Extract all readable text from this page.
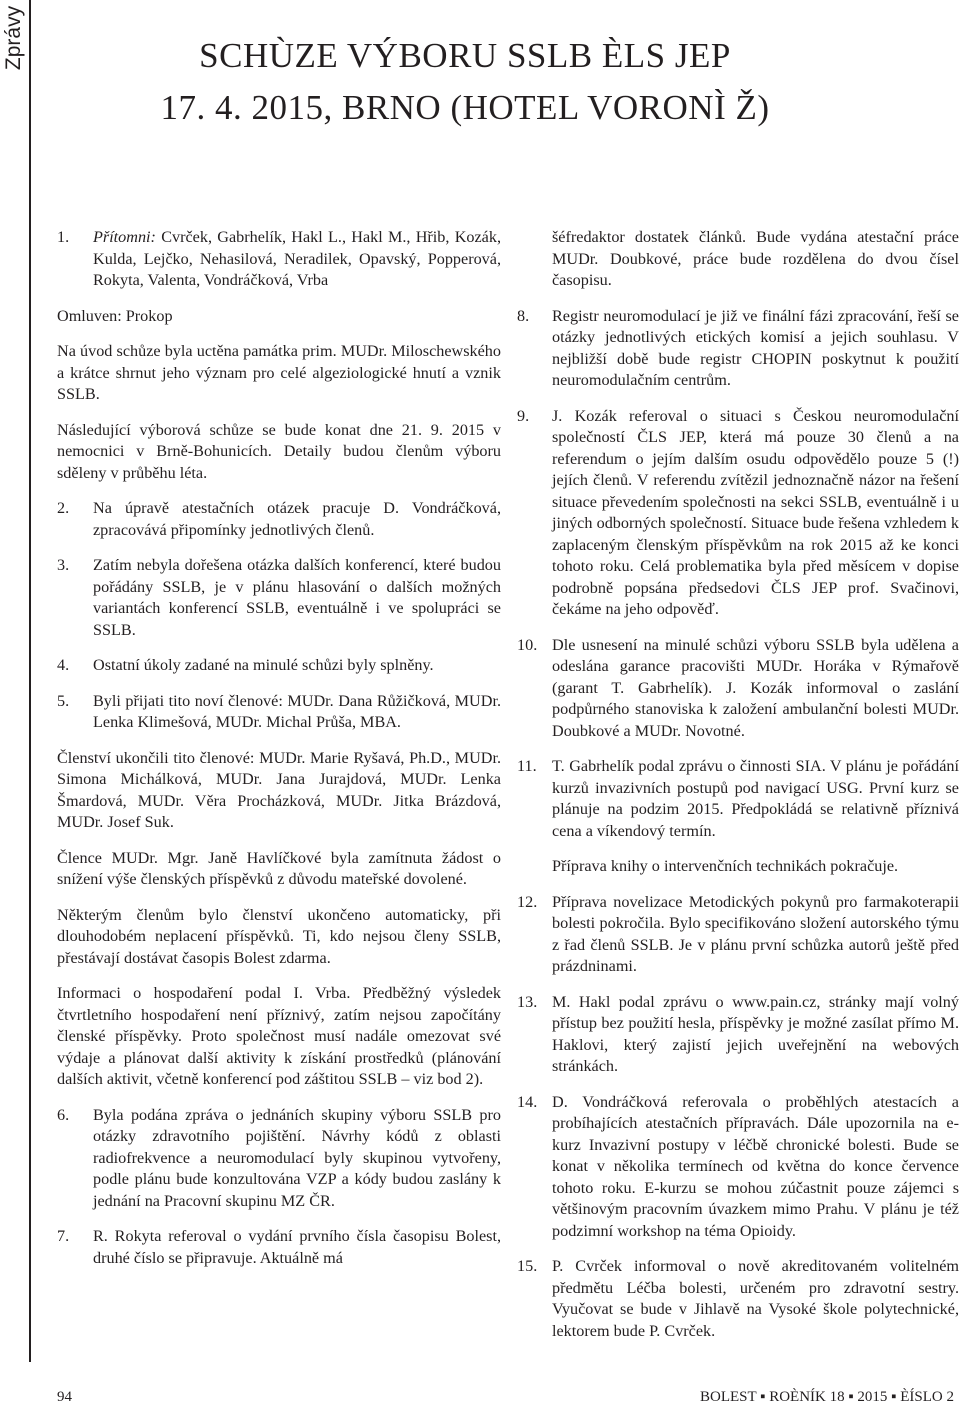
Zprávy	SCHÙZE VÝBORU SSLB ÈLS JEP
17. 4. 2015, BRNO (HOTEL VORONÌ Ž)
1.	Přítomni: Cvrček, Gabrhelík, Hakl L., Hakl M., Hřib, Kozák, Kulda, Lejčko, Nehasilová, Neradilek, Opavský, Popperová, Rokyta, Valenta, Vondráčková, Vrba

Omluven: Prokop

Na úvod schůze byla uctěna památka prim. MUDr. Miloschewského a krátce shrnut jeho význam pro celé algeziologické hnutí a vznik SSLB.

Následující výborová schůze se bude konat dne 21. 9. 2015 v nemocnici v Brně-Bohunicích. Detaily budou členům výboru sděleny v průběhu léta.

2.	Na úpravě atestačních otázek pracuje D. Vondráčková, zpracovává připomínky jednotlivých členů.
3.	Zatím nebyla dořešena otázka dalších konferencí, které budou pořádány SSLB, je v plánu hlasování o dalších možných variantách konferencí SSLB, eventuálně i ve spolupráci se SSLB.
4.	Ostatní úkoly zadané na minulé schůzi byly splněny.
5.	Byli přijati tito noví členové: MUDr. Dana Růžičková, MUDr. Lenka Klimešová, MUDr. Michal Průša, MBA.

Členství ukončili tito členové: MUDr. Marie Ryšavá, Ph.D., MUDr. Simona Michálková, MUDr. Jana Jurajdová, MUDr. Lenka Šmardová, MUDr. Věra Procházková, MUDr. Jitka Brázdová, MUDr. Josef Suk.

Člence MUDr. Mgr. Janě Havlíčkové byla zamítnuta žádost o snížení výše členských příspěvků z důvodu mateřské dovolené.

Některým členům bylo členství ukončeno automaticky, při dlouhodobém neplacení příspěvků. Ti, kdo nejsou členy SSLB, přestávají dostávat časopis Bolest zdarma.

Informaci o hospodaření podal I. Vrba. Předběžný výsledek čtvrtletního hospodaření není příznivý, zatím nejsou započítány členské příspěvky. Proto společnost musí nadále omezovat své výdaje a plánovat další aktivity k získání prostředků (plánování dalších aktivit, včetně konferencí pod záštitou SSLB – viz bod 2).

6.	Byla podána zpráva o jednáních skupiny výboru SSLB pro otázky zdravotního pojištění. Návrhy kódů z oblasti radiofrekvence a neuromodulací byly skupinou vytvořeny, podle plánu bude konzultována VZP a kódy budou zaslány k jednání na Pracovní skupinu MZ ČR.
7.	R. Rokyta referoval o vydání prvního čísla časopisu Bolest, druhé číslo se připravuje. Aktuálně má

šéfredaktor dostatek článků. Bude vydána atestační práce MUDr. Doubkové, práce bude rozdělena do dvou čísel časopisu.

8.	Registr neuromodulací je již ve finální fázi zpracování, řeší se otázky jednotlivých etických komisí a jejich souhlasu. V nejbližší době bude registr CHOPIN poskytnut k použití neuromodulačním centrům.
9.	J. Kozák referoval o situaci s Českou neuromodulační společností ČLS JEP, která má pouze 30 členů a na referendum o jejím dalším osudu odpovědělo pouze 5 (!) jejích členů. V referendu zvítězil jednoznačně názor na řešení situace převedením společnosti na sekci SSLB, eventuálně i u jiných odborných společností. Situace bude řešena vzhledem k zaplaceným členským příspěvkům na rok 2015 až ke konci tohoto roku. Celá problematika byla před měsícem v dopise podrobně popsána předsedovi ČLS JEP prof. Svačinovi, čekáme na jeho odpověď.
10. Dle usnesení na minulé schůzi výboru SSLB byla udělena a odeslána garance pracovišti MUDr. Horáka v Rýmařově (garant T. Gabrhelík). J. Kozák informoval o zaslání podpůrného stanoviska k založení ambulanční bolesti MUDr. Doubkové a MUDr. Novotné.
11. T. Gabrhelík podal zprávu o činnosti SIA. V plánu je pořádání kurzů invazivních postupů pod navigací USG. První kurz se plánuje na podzim 2015. Předpokládá se relativně příznivá cena a víkendový termín.

Příprava knihy o intervenčních technikách pokračuje.

12. Příprava novelizace Metodických pokynů pro farmakoterapii bolesti pokročila. Bylo specifikováno složení autorského týmu z řad členů SSLB. Je v plánu první schůzka autorů ještě před prázdninami.
13. M. Hakl podal zprávu o www.pain.cz, stránky mají volný přístup bez použití hesla, příspěvky je možné zasílat přímo M. Haklovi, který zajistí jejich uveřejnění na webových stránkách.
14. D. Vondráčková referovala o proběhlých atestacích a probíhajících atestačních přípravách. Dále upozornila na e-kurz Invazivní postupy v léčbě chronické bolesti. Bude se konat v několika termínech od května do konce července tohoto roku. E-kurzu se mohou zúčastnit pouze zájemci s většinovým pracovním úvazkem mimo Prahu. V plánu je též podzimní workshop na téma Opioidy.
15. P. Cvrček informoval o nově akreditovaném volitelném předmětu Léčba bolesti, určeném pro zdravotní sestry. Vyučovat se bude v Jihlavě na Vysoké škole polytechnické, lektorem bude P. Cvrček.
94	BOLEST ▪ ROÈNÍK 18 ▪ 2015 ▪ ÈÍSLO 2
